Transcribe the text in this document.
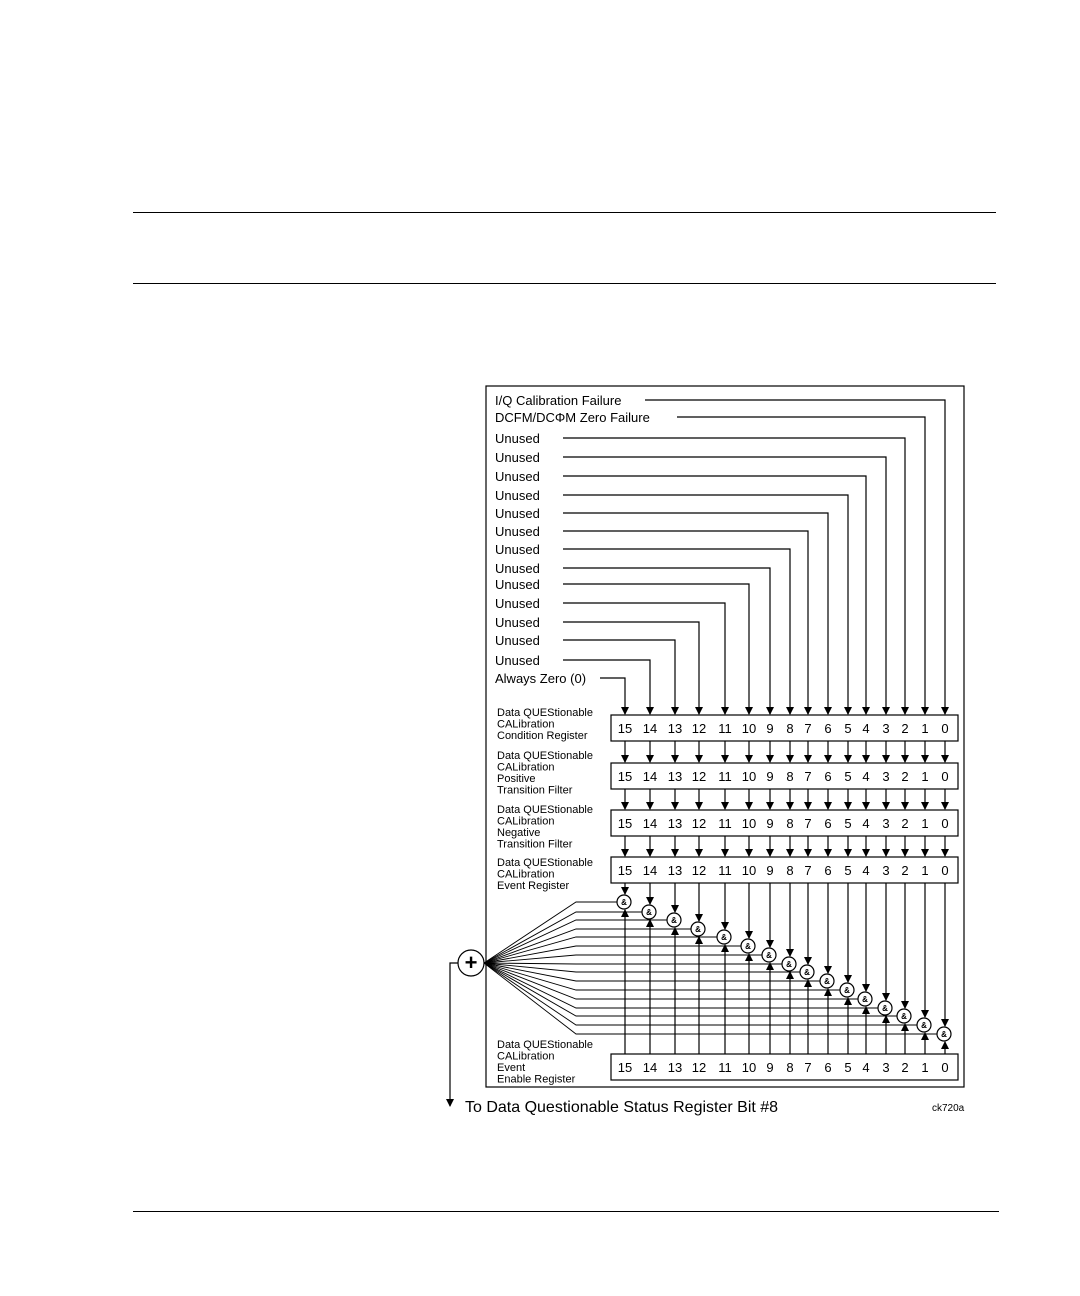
I/Q Calibration Failure
DCFM/DCΦM Zero Failure
Unused
Unused
Unused
Unused
Unused
Unused
Unused
Unused
Unused
Unused
Unused
Unused
Unused
Always Zero (0)
15 14 13 12 11 10 9 8 7 6 5 4 3 2 1 0
Data QUEStionable
CALibration
Condition Register
15 14 13 12 11 10 9 8 7 6 5 4 3 2 1 0
Data QUEStionable
CALibration
Positive
Transition Filter
15 14 13 12 11 10 9 8 7 6 5 4 3 2 1 0
Data QUEStionable
CALibration
Negative
Transition Filter
15 14 13 12 11 10 9 8 7 6 5 4 3 2 1 0
Data QUEStionable
CALibration
Event Register
15 14 13 12 11 10 9 8 7 6 5 4 3 2 1 0
Data QUEStionable
CALibration
Event
Enable Register
&
&
&
&
&
&
&
&
&
&
&
&
&
&
&
&
+
To Data Questionable Status Register Bit #8	ck720a
